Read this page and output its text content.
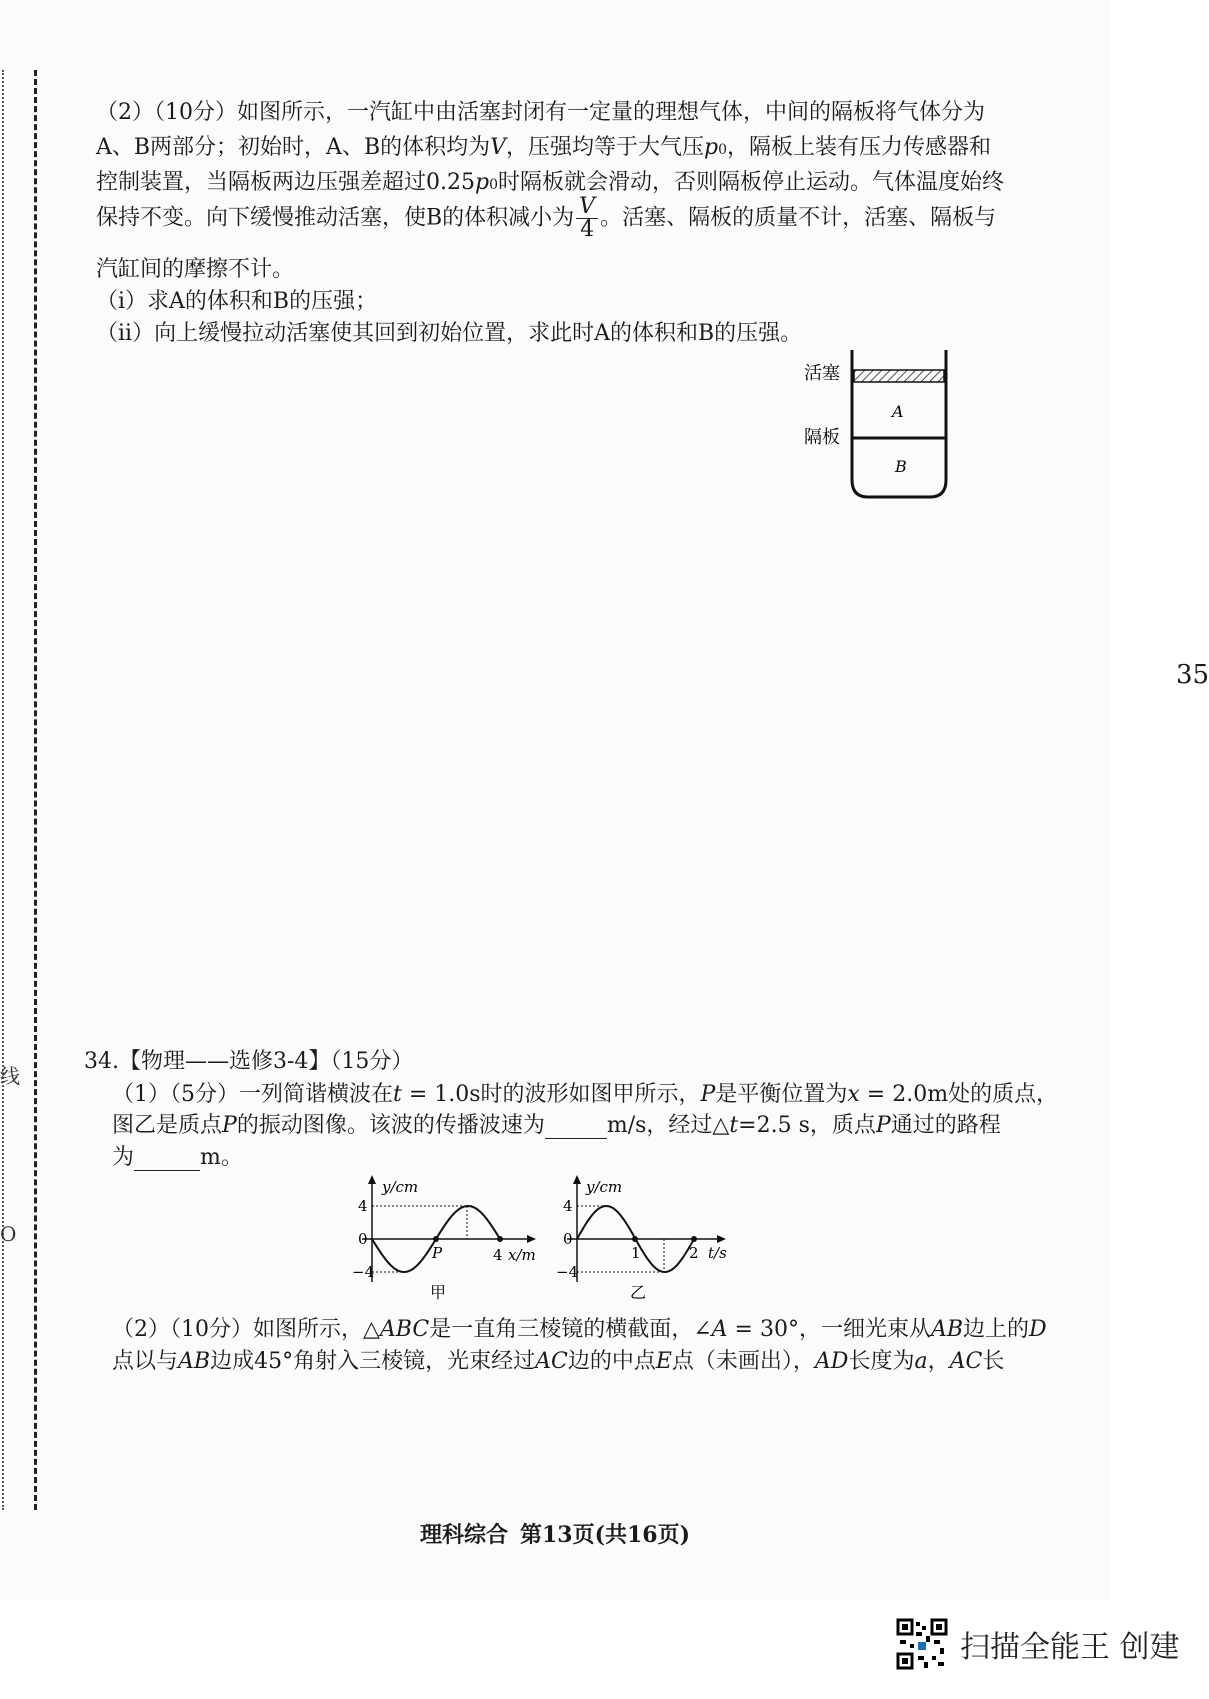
线
O
（2）（10分）如图所示，一汽缸中由活塞封闭有一定量的理想气体，中间的隔板将气体分为
A、B两部分；初始时，A、B的体积均为V，压强均等于大气压p0，隔板上装有压力传感器和
控制装置，当隔板两边压强差超过0.25p0时隔板就会滑动，否则隔板停止运动。气体温度始终
保持不变。向下缓慢推动活塞，使B的体积减小为 $\frac{V}{4}$ 。活塞、隔板的质量不计，活塞、隔板与
汽缸间的摩擦不计。
（i）求A的体积和B的压强；
（ii）向上缓慢拉动活塞使其回到初始位置，求此时A的体积和B的压强。
活塞
隔板
A
B
34.【物理——选修3-4】（15分）
（1）（5分）一列简谐横波在t = 1.0s时的波形如图甲所示，P是平衡位置为x = 2.0m处的质点，
图乙是质点P的振动图像。该波的传播波速为	m/s，经过△t=2.5 s，质点P通过的路程
为	m。
y/cm
4
0
−4
P	4 x/m
甲
y/cm
4
0
−4
1	2 t/s
乙
（2）（10分）如图所示，△ABC是一直角三棱镜的横截面，∠A = 30°，一细光束从AB边上的D
点以与AB边成45°角射入三棱镜，光束经过AC边的中点E点（未画出），AD长度为a，AC长
理科综合 第13页(共16页)
35
扫描全能王 创建
